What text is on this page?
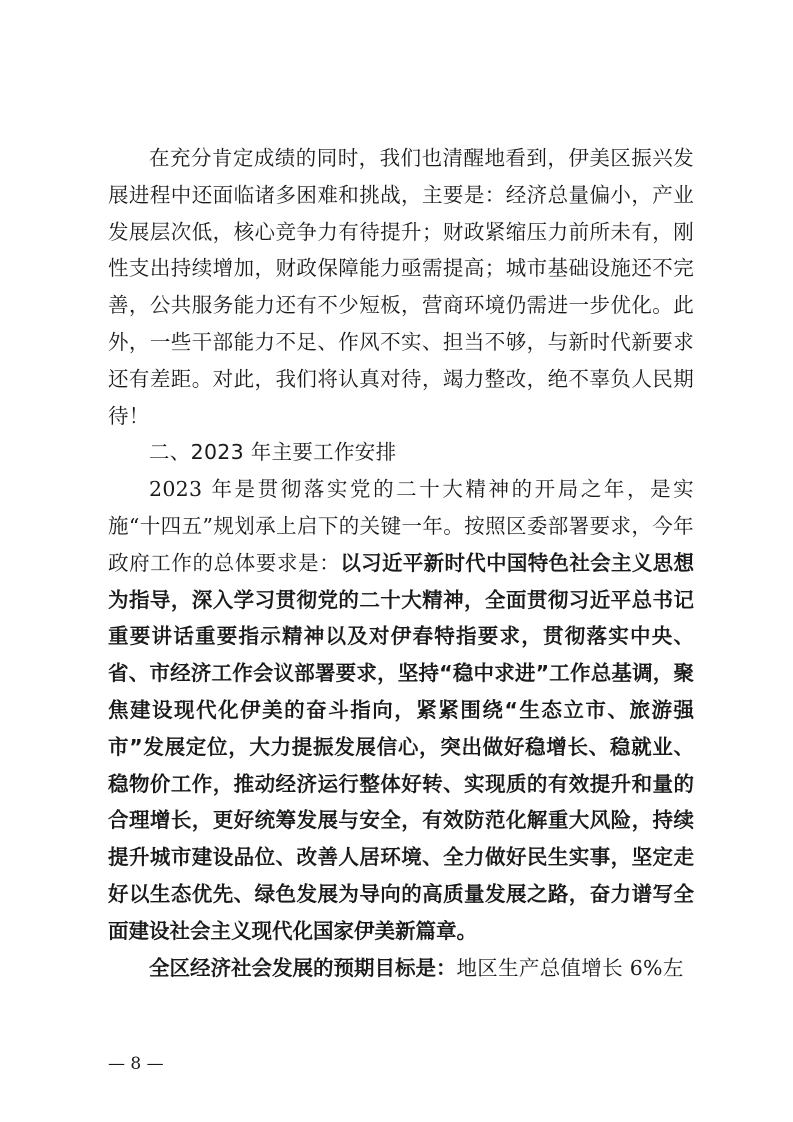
在充分肯定成绩的同时，我们也清醒地看到，伊美区振兴发展进程中还面临诸多困难和挑战，主要是：经济总量偏小，产业发展层次低，核心竞争力有待提升；财政紧缩压力前所未有，刚性支出持续增加，财政保障能力亟需提高；城市基础设施还不完善，公共服务能力还有不少短板，营商环境仍需进一步优化。此外，一些干部能力不足、作风不实、担当不够，与新时代新要求还有差距。对此，我们将认真对待，竭力整改，绝不辜负人民期待！

二、2023 年主要工作安排

2023 年是贯彻落实党的二十大精神的开局之年，是实施“十四五”规划承上启下的关键一年。按照区委部署要求，今年政府工作的总体要求是：以习近平新时代中国特色社会主义思想为指导，深入学习贯彻党的二十大精神，全面贯彻习近平总书记重要讲话重要指示精神以及对伊春特指要求，贯彻落实中央、省、市经济工作会议部署要求，坚持“稳中求进”工作总基调，聚焦建设现代化伊美的奋斗指向，紧紧围绕“生态立市、旅游强市”发展定位，大力提振发展信心，突出做好稳增长、稳就业、稳物价工作，推动经济运行整体好转、实现质的有效提升和量的合理增长，更好统筹发展与安全，有效防范化解重大风险，持续提升城市建设品位、改善人居环境、全力做好民生实事，坚定走好以生态优先、绿色发展为导向的高质量发展之路，奋力谱写全面建设社会主义现代化国家伊美新篇章。

全区经济社会发展的预期目标是：地区生产总值增长 6%左

— 8 —
